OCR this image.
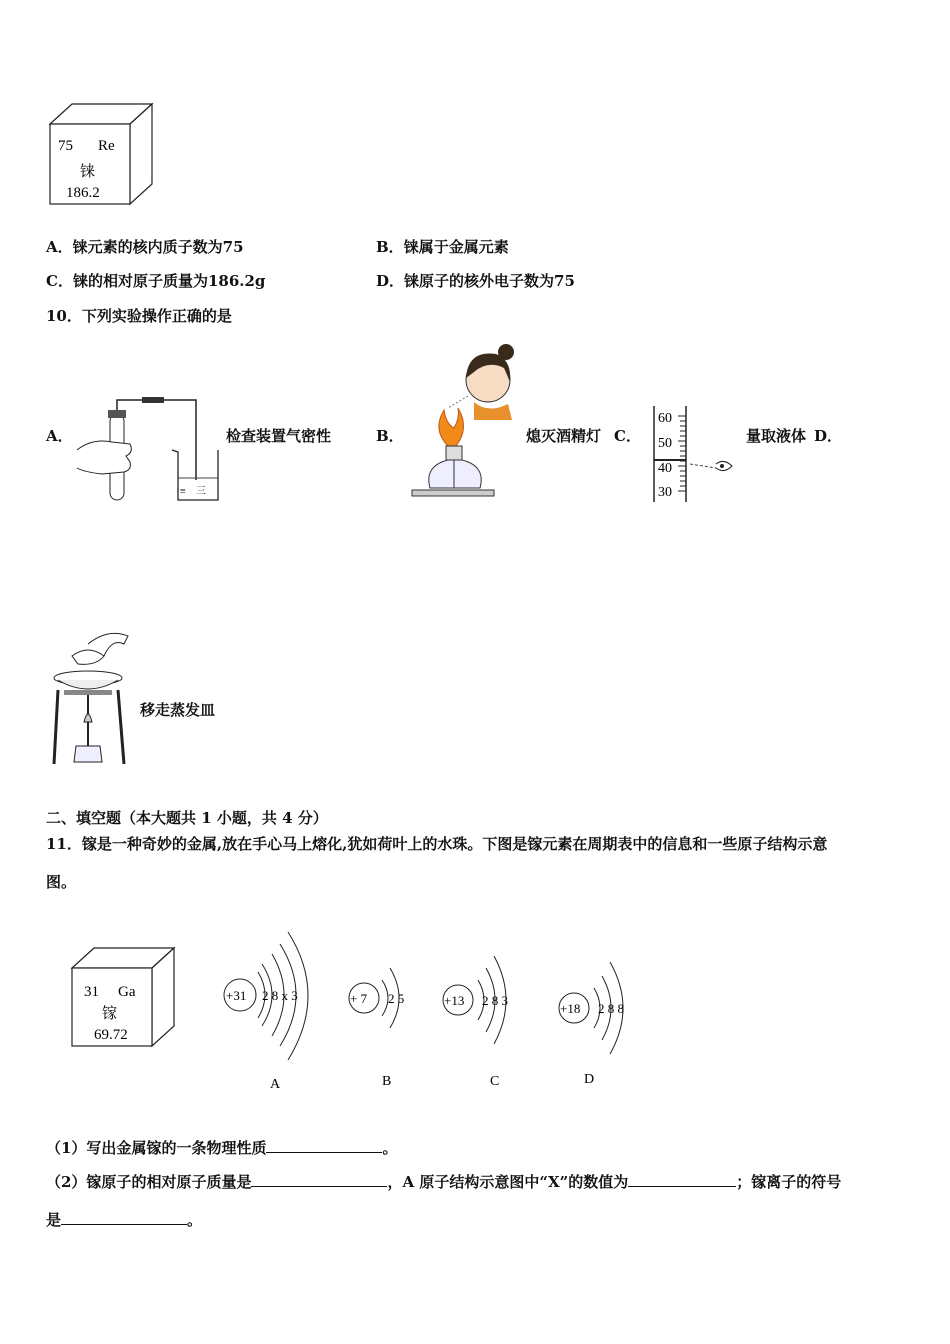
75 Re
铼
186.2
A．铼元素的核内质子数为75	B．铼属于金属元素
C．铼的相对原子质量为186.2g	D．铼原子的核外电子数为75
10．下列实验操作正确的是
A．
≡ 三
检查装置气密性	B．	熄灭酒精灯 C．
60
50
40
30
量取液体 D．
移走蒸发皿
二、填空题（本大题共 1 小题，共 4 分）
11．镓是一种奇妙的金属,放在手心马上熔化,犹如荷叶上的水珠。下图是镓元素在周期表中的信息和一些原子结构示意
图。
31 Ga
镓
69.72
+31 2 8 x 3
A
+ 7 2 5
B
+13 2 8 3
C
+18 2 8 8
D
（1）写出金属镓的一条物理性质	。
（2）镓原子的相对原子质量是	，A 原子结构示意图中“X”的数值为	；镓离子的符号
是	。
